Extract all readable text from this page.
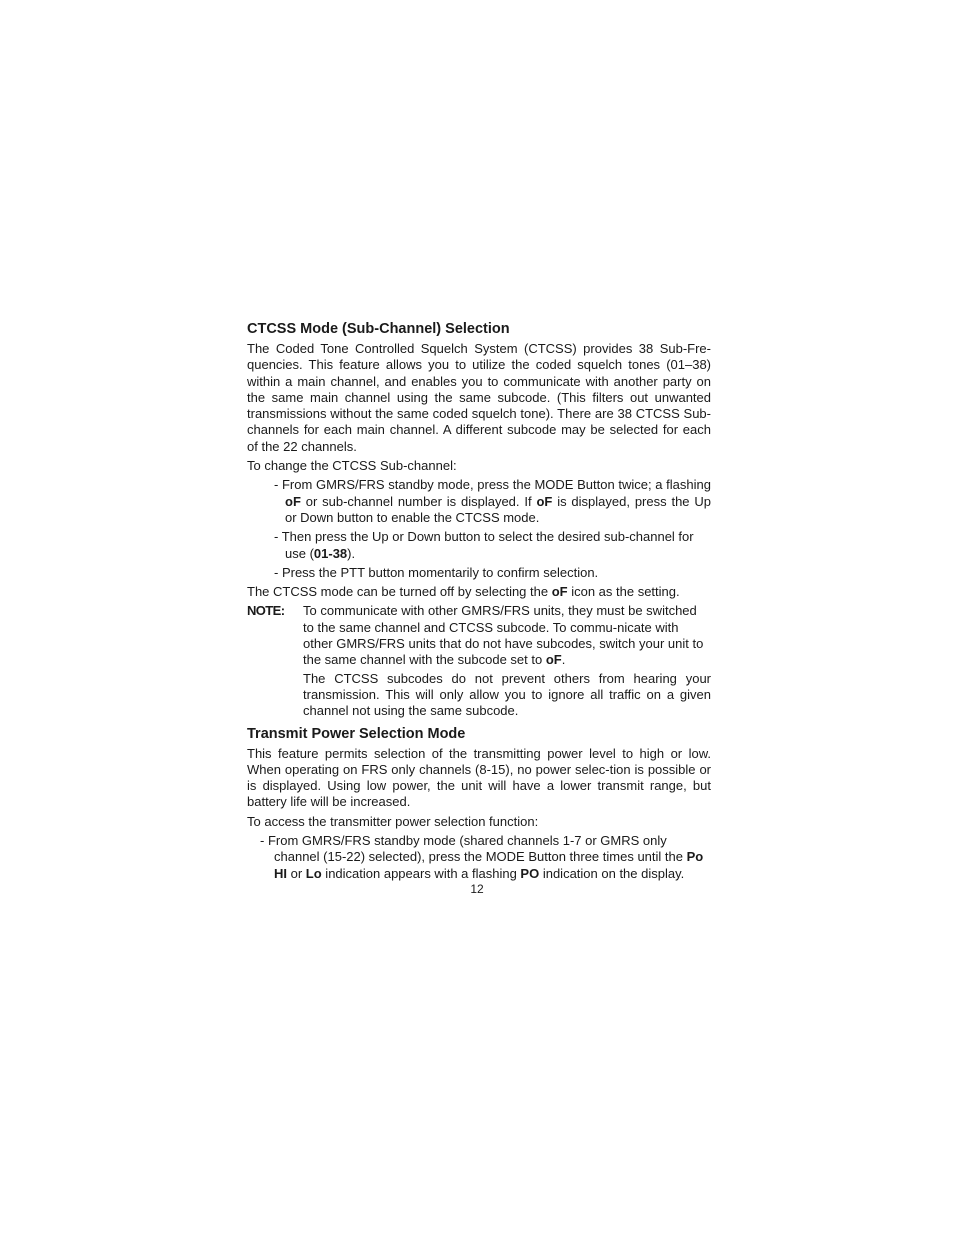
CTCSS Mode (Sub-Channel) Selection
The Coded Tone Controlled Squelch System (CTCSS) provides 38 Sub-Fre-quencies. This feature allows you to utilize the coded squelch tones (01–38) within a main channel, and enables you to communicate with another party on the same main channel using the same subcode. (This filters out unwanted transmissions without the same coded squelch tone). There are 38 CTCSS Sub-channels for each main channel. A different subcode may be selected for each of the 22 channels.
To change the CTCSS Sub-channel:
- From GMRS/FRS standby mode, press the MODE Button twice; a flashing oF or sub-channel number is displayed. If oF is displayed, press the Up or Down button to enable the CTCSS mode.
- Then press the Up or Down button to select the desired sub-channel for use (01-38).
- Press the PTT button momentarily to confirm selection.
The CTCSS mode can be turned off by selecting the oF icon as the setting.
NOTE:	To communicate with other GMRS/FRS units, they must be switched to the same channel and CTCSS subcode. To commu-nicate with other GMRS/FRS units that do not have subcodes, switch your unit to the same channel with the subcode set to oF.
The CTCSS subcodes do not prevent others from hearing your transmission. This will only allow you to ignore all traffic on a given channel not using the same subcode.
Transmit Power Selection Mode
This feature permits selection of the transmitting power level to high or low. When operating on FRS only channels (8-15), no power selec-tion is possible or is displayed. Using low power, the unit will have a lower transmit range, but battery life will be increased.
To access the transmitter power selection function:
- From GMRS/FRS standby mode (shared channels 1-7 or GMRS only channel (15-22) selected), press the MODE Button three times until the Po HI or Lo indication appears with a flashing PO indication on the display.
12
